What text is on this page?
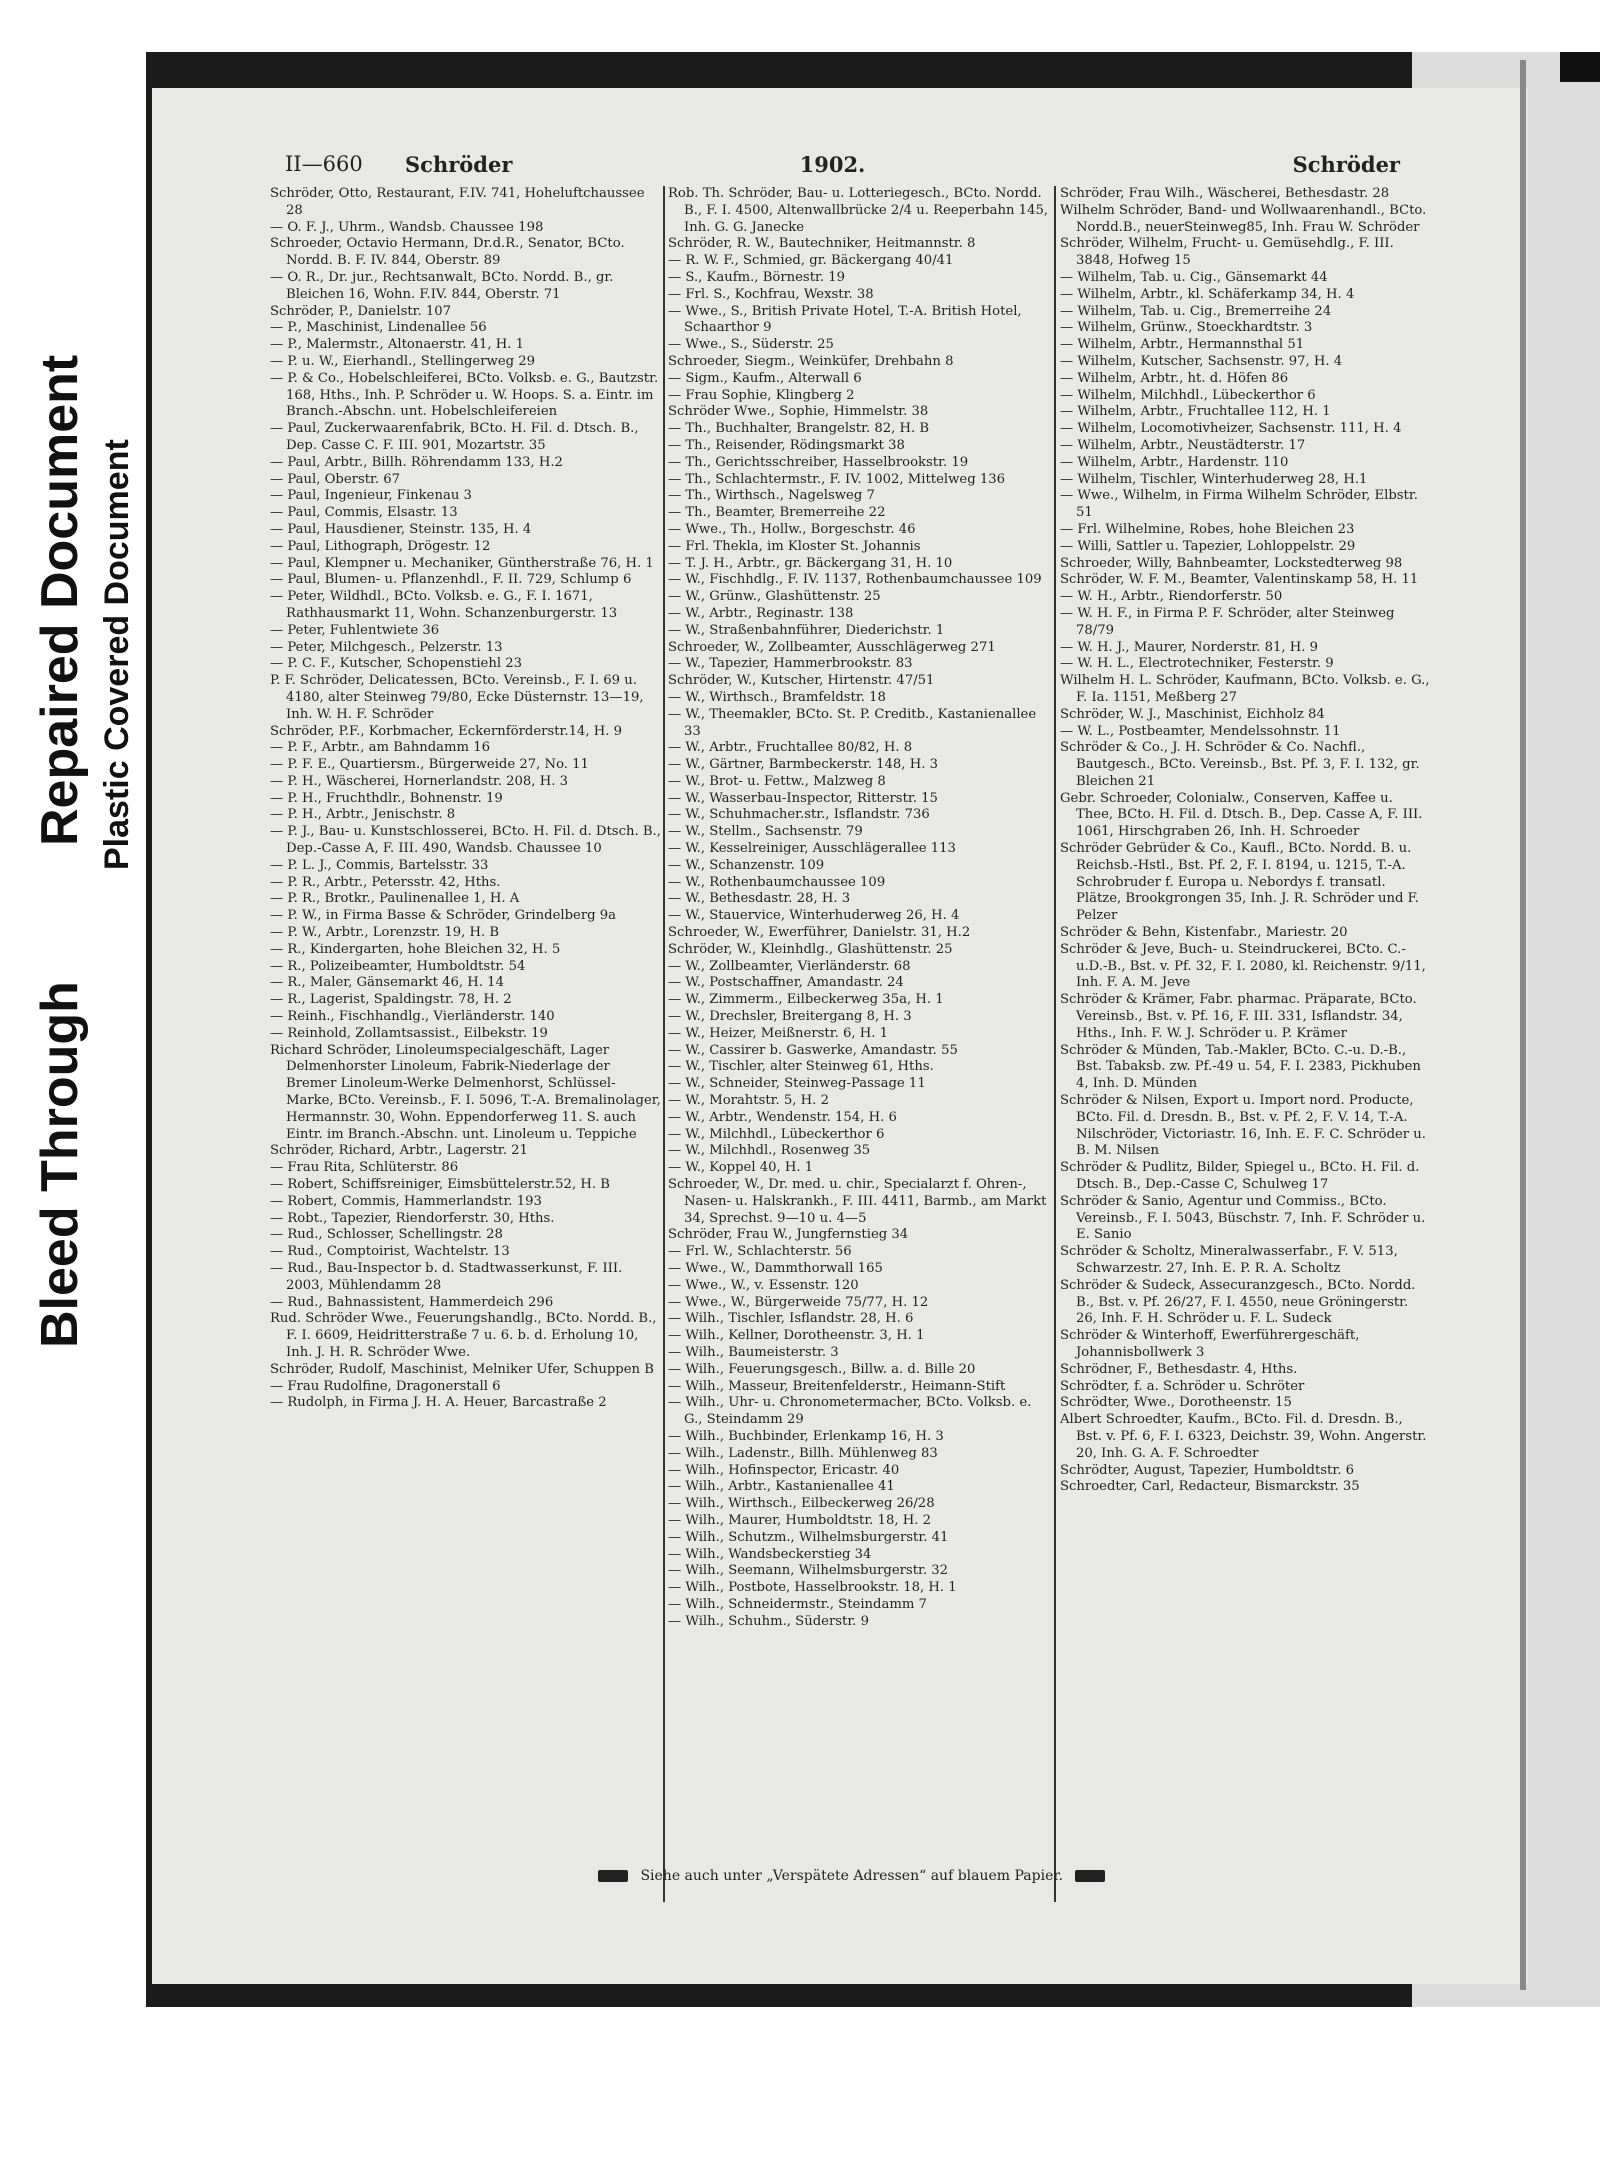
Bleed Through
Repaired Document Plastic Covered Document
II—660 Schröder	1902.	Schröder

Schröder, Otto, Restaurant, F.IV. 741, Hoheluftchaussee 28

— O. F. J., Uhrm., Wandsb. Chaussee 198

Schroeder, Octavio Hermann, Dr.d.R., Senator, BCto. Nordd. B. F. IV. 844, Oberstr. 89

— O. R., Dr. jur., Rechtsanwalt, BCto. Nordd. B., gr. Bleichen 16, Wohn. F.IV. 844, Oberstr. 71

Schröder, P., Danielstr. 107

— P., Maschinist, Lindenallee 56

— P., Malermstr., Altonaerstr. 41, H. 1

— P. u. W., Eierhandl., Stellingerweg 29

— P. & Co., Hobelschleiferei, BCto. Volksb. e. G., Bautzstr. 168, Hths., Inh. P. Schröder u. W. Hoops. S. a. Eintr. im Branch.-Abschn. unt. Hobelschleifereien

— Paul, Zuckerwaarenfabrik, BCto. H. Fil. d. Dtsch. B., Dep. Casse C. F. III. 901, Mozartstr. 35

— Paul, Arbtr., Billh. Röhrendamm 133, H.2

— Paul, Oberstr. 67

— Paul, Ingenieur, Finkenau 3

— Paul, Commis, Elsastr. 13

— Paul, Hausdiener, Steinstr. 135, H. 4

— Paul, Lithograph, Drögestr. 12

— Paul, Klempner u. Mechaniker, Güntherstraße 76, H. 1

— Paul, Blumen- u. Pflanzenhdl., F. II. 729, Schlump 6

— Peter, Wildhdl., BCto. Volksb. e. G., F. I. 1671, Rathhausmarkt 11, Wohn. Schanzenburgerstr. 13

— Peter, Fuhlentwiete 36

— Peter, Milchgesch., Pelzerstr. 13

— P. C. F., Kutscher, Schopenstiehl 23

P. F. Schröder, Delicatessen, BCto. Vereinsb., F. I. 69 u. 4180, alter Steinweg 79/80, Ecke Düsternstr. 13—19, Inh. W. H. F. Schröder

Schröder, P.F., Korbmacher, Eckernförderstr.14, H. 9

— P. F., Arbtr., am Bahndamm 16

— P. F. E., Quartiersm., Bürgerweide 27, No. 11

— P. H., Wäscherei, Hornerlandstr. 208, H. 3

— P. H., Fruchthdlr., Bohnenstr. 19

— P. H., Arbtr., Jenischstr. 8

— P. J., Bau- u. Kunstschlosserei, BCto. H. Fil. d. Dtsch. B., Dep.-Casse A, F. III. 490, Wandsb. Chaussee 10

— P. L. J., Commis, Bartelsstr. 33

— P. R., Arbtr., Petersstr. 42, Hths.

— P. R., Brotkr., Paulinenallee 1, H. A

— P. W., in Firma Basse & Schröder, Grindelberg 9a

— P. W., Arbtr., Lorenzstr. 19, H. B

— R., Kindergarten, hohe Bleichen 32, H. 5

— R., Polizeibeamter, Humboldtstr. 54

— R., Maler, Gänsemarkt 46, H. 14

— R., Lagerist, Spaldingstr. 78, H. 2

— Reinh., Fischhandlg., Vierländerstr. 140

— Reinhold, Zollamtsassist., Eilbekstr. 19

Richard Schröder, Linoleumspecialgeschäft, Lager Delmenhorster Linoleum, Fabrik-Niederlage der Bremer Linoleum-Werke Delmenhorst, Schlüssel-Marke, BCto. Vereinsb., F. I. 5096, T.-A. Bremalinolager, Hermannstr. 30, Wohn. Eppendorferweg 11. S. auch Eintr. im Branch.-Abschn. unt. Linoleum u. Teppiche

Schröder, Richard, Arbtr., Lagerstr. 21

— Frau Rita, Schlüterstr. 86

— Robert, Schiffsreiniger, Eimsbüttelerstr.52, H. B

— Robert, Commis, Hammerlandstr. 193

— Robt., Tapezier, Riendorferstr. 30, Hths.

— Rud., Schlosser, Schellingstr. 28

— Rud., Comptoirist, Wachtelstr. 13

— Rud., Bau-Inspector b. d. Stadtwasserkunst, F. III. 2003, Mühlendamm 28

— Rud., Bahnassistent, Hammerdeich 296

Rud. Schröder Wwe., Feuerungshandlg., BCto. Nordd. B., F. I. 6609, Heidritterstraße 7 u. 6. b. d. Erholung 10, Inh. J. H. R. Schröder Wwe.

Schröder, Rudolf, Maschinist, Melniker Ufer, Schuppen B

— Frau Rudolfine, Dragonerstall 6

— Rudolph, in Firma J. H. A. Heuer, Barcastraße 2

Rob. Th. Schröder, Bau- u. Lotteriegesch., BCto. Nordd. B., F. I. 4500, Altenwallbrücke 2/4 u. Reeperbahn 145, Inh. G. G. Janecke

Schröder, R. W., Bautechniker, Heitmannstr. 8

— R. W. F., Schmied, gr. Bäckergang 40/41

— S., Kaufm., Börnestr. 19

— Frl. S., Kochfrau, Wexstr. 38

— Wwe., S., British Private Hotel, T.-A. British Hotel, Schaarthor 9

— Wwe., S., Süderstr. 25

Schroeder, Siegm., Weinküfer, Drehbahn 8

— Sigm., Kaufm., Alterwall 6

— Frau Sophie, Klingberg 2

Schröder Wwe., Sophie, Himmelstr. 38

— Th., Buchhalter, Brangelstr. 82, H. B

— Th., Reisender, Rödingsmarkt 38

— Th., Gerichtsschreiber, Hasselbrookstr. 19

— Th., Schlachtermstr., F. IV. 1002, Mittelweg 136

— Th., Wirthsch., Nagelsweg 7

— Th., Beamter, Bremerreihe 22

— Wwe., Th., Hollw., Borgeschstr. 46

— Frl. Thekla, im Kloster St. Johannis

— T. J. H., Arbtr., gr. Bäckergang 31, H. 10

— W., Fischhdlg., F. IV. 1137, Rothenbaumchaussee 109

— W., Grünw., Glashüttenstr. 25

— W., Arbtr., Reginastr. 138

— W., Straßenbahnführer, Diederichstr. 1

Schroeder, W., Zollbeamter, Ausschlägerweg 271

— W., Tapezier, Hammerbrookstr. 83

Schröder, W., Kutscher, Hirtenstr. 47/51

— W., Wirthsch., Bramfeldstr. 18

— W., Theemakler, BCto. St. P. Creditb., Kastanienallee 33

— W., Arbtr., Fruchtallee 80/82, H. 8

— W., Gärtner, Barmbeckerstr. 148, H. 3

— W., Brot- u. Fettw., Malzweg 8

— W., Wasserbau-Inspector, Ritterstr. 15

— W., Schuhmacher.str., Isflandstr. 736

— W., Stellm., Sachsenstr. 79

— W., Kesselreiniger, Ausschlägerallee 113

— W., Schanzenstr. 109

— W., Rothenbaumchaussee 109

— W., Bethesdastr. 28, H. 3

— W., Stauervice, Winterhuderweg 26, H. 4

Schroeder, W., Ewerführer, Danielstr. 31, H.2

Schröder, W., Kleinhdlg., Glashüttenstr. 25

— W., Zollbeamter, Vierländerstr. 68

— W., Postschaffner, Amandastr. 24

— W., Zimmerm., Eilbeckerweg 35a, H. 1

— W., Drechsler, Breitergang 8, H. 3

— W., Heizer, Meißnerstr. 6, H. 1

— W., Cassirer b. Gaswerke, Amandastr. 55

— W., Tischler, alter Steinweg 61, Hths.

— W., Schneider, Steinweg-Passage 11

— W., Morahtstr. 5, H. 2

— W., Arbtr., Wendenstr. 154, H. 6

— W., Milchhdl., Lübeckerthor 6

— W., Milchhdl., Rosenweg 35

— W., Koppel 40, H. 1

Schroeder, W., Dr. med. u. chir., Specialarzt f. Ohren-, Nasen- u. Halskrankh., F. III. 4411, Barmb., am Markt 34, Sprechst. 9—10 u. 4—5

Schröder, Frau W., Jungfernstieg 34

— Frl. W., Schlachterstr. 56

— Wwe., W., Dammthorwall 165

— Wwe., W., v. Essenstr. 120

— Wwe., W., Bürgerweide 75/77, H. 12

— Wilh., Tischler, Isflandstr. 28, H. 6

— Wilh., Kellner, Dorotheenstr. 3, H. 1

— Wilh., Baumeisterstr. 3

— Wilh., Feuerungsgesch., Billw. a. d. Bille 20

— Wilh., Masseur, Breitenfelderstr., Heimann-Stift

— Wilh., Uhr- u. Chronometermacher, BCto. Volksb. e. G., Steindamm 29

— Wilh., Buchbinder, Erlenkamp 16, H. 3

— Wilh., Ladenstr., Billh. Mühlenweg 83

— Wilh., Hofinspector, Ericastr. 40

— Wilh., Arbtr., Kastanienallee 41

— Wilh., Wirthsch., Eilbeckerweg 26/28

— Wilh., Maurer, Humboldtstr. 18, H. 2

— Wilh., Schutzm., Wilhelmsburgerstr. 41

— Wilh., Wandsbeckerstieg 34

— Wilh., Seemann, Wilhelmsburgerstr. 32

— Wilh., Postbote, Hasselbrookstr. 18, H. 1

— Wilh., Schneidermstr., Steindamm 7

— Wilh., Schuhm., Süderstr. 9

Schröder, Frau Wilh., Wäscherei, Bethesdastr. 28

Wilhelm Schröder, Band- und Wollwaarenhandl., BCto. Nordd.B., neuerSteinweg85, Inh. Frau W. Schröder

Schröder, Wilhelm, Frucht- u. Gemüsehdlg., F. III. 3848, Hofweg 15

— Wilhelm, Tab. u. Cig., Gänsemarkt 44

— Wilhelm, Arbtr., kl. Schäferkamp 34, H. 4

— Wilhelm, Tab. u. Cig., Bremerreihe 24

— Wilhelm, Grünw., Stoeckhardtstr. 3

— Wilhelm, Arbtr., Hermannsthal 51

— Wilhelm, Kutscher, Sachsenstr. 97, H. 4

— Wilhelm, Arbtr., ht. d. Höfen 86

— Wilhelm, Milchhdl., Lübeckerthor 6

— Wilhelm, Arbtr., Fruchtallee 112, H. 1

— Wilhelm, Locomotivheizer, Sachsenstr. 111, H. 4

— Wilhelm, Arbtr., Neustädterstr. 17

— Wilhelm, Arbtr., Hardenstr. 110

— Wilhelm, Tischler, Winterhuderweg 28, H.1

— Wwe., Wilhelm, in Firma Wilhelm Schröder, Elbstr. 51

— Frl. Wilhelmine, Robes, hohe Bleichen 23

— Willi, Sattler u. Tapezier, Lohloppelstr. 29

Schroeder, Willy, Bahnbeamter, Lockstedterweg 98

Schröder, W. F. M., Beamter, Valentinskamp 58, H. 11

— W. H., Arbtr., Riendorferstr. 50

— W. H. F., in Firma P. F. Schröder, alter Steinweg 78/79

— W. H. J., Maurer, Norderstr. 81, H. 9

— W. H. L., Electrotechniker, Festerstr. 9

Wilhelm H. L. Schröder, Kaufmann, BCto. Volksb. e. G., F. Ia. 1151, Meßberg 27

Schröder, W. J., Maschinist, Eichholz 84

— W. L., Postbeamter, Mendelssohnstr. 11

Schröder & Co., J. H. Schröder & Co. Nachfl., Bautgesch., BCto. Vereinsb., Bst. Pf. 3, F. I. 132, gr. Bleichen 21

Gebr. Schroeder, Colonialw., Conserven, Kaffee u. Thee, BCto. H. Fil. d. Dtsch. B., Dep. Casse A, F. III. 1061, Hirschgraben 26, Inh. H. Schroeder

Schröder Gebrüder & Co., Kaufl., BCto. Nordd. B. u. Reichsb.-Hstl., Bst. Pf. 2, F. I. 8194, u. 1215, T.-A. Schrobruder f. Europa u. Nebordys f. transatl. Plätze, Brookgrongen 35, Inh. J. R. Schröder und F. Pelzer

Schröder & Behn, Kistenfabr., Mariestr. 20

Schröder & Jeve, Buch- u. Steindruckerei, BCto. C.-u.D.-B., Bst. v. Pf. 32, F. I. 2080, kl. Reichenstr. 9/11, Inh. F. A. M. Jeve

Schröder & Krämer, Fabr. pharmac. Präparate, BCto. Vereinsb., Bst. v. Pf. 16, F. III. 331, Isflandstr. 34, Hths., Inh. F. W. J. Schröder u. P. Krämer

Schröder & Münden, Tab.-Makler, BCto. C.-u. D.-B., Bst. Tabaksb. zw. Pf.-49 u. 54, F. I. 2383, Pickhuben 4, Inh. D. Münden

Schröder & Nilsen, Export u. Import nord. Producte, BCto. Fil. d. Dresdn. B., Bst. v. Pf. 2, F. V. 14, T.-A. Nilschröder, Victoriastr. 16, Inh. E. F. C. Schröder u. B. M. Nilsen

Schröder & Pudlitz, Bilder, Spiegel u., BCto. H. Fil. d. Dtsch. B., Dep.-Casse C, Schulweg 17

Schröder & Sanio, Agentur und Commiss., BCto. Vereinsb., F. I. 5043, Büschstr. 7, Inh. F. Schröder u. E. Sanio

Schröder & Scholtz, Mineralwasserfabr., F. V. 513, Schwarzestr. 27, Inh. E. P. R. A. Scholtz

Schröder & Sudeck, Assecuranzgesch., BCto. Nordd. B., Bst. v. Pf. 26/27, F. I. 4550, neue Gröningerstr. 26, Inh. F. H. Schröder u. F. L. Sudeck

Schröder & Winterhoff, Ewerführergeschäft, Johannisbollwerk 3

Schrödner, F., Bethesdastr. 4, Hths.

Schrödter, f. a. Schröder u. Schröter

Schrödter, Wwe., Dorotheenstr. 15

Albert Schroedter, Kaufm., BCto. Fil. d. Dresdn. B., Bst. v. Pf. 6, F. I. 6323, Deichstr. 39, Wohn. Angerstr. 20, Inh. G. A. F. Schroedter

Schrödter, August, Tapezier, Humboldtstr. 6

Schroedter, Carl, Redacteur, Bismarckstr. 35

Siehe auch unter „Verspätete Adressen“ auf blauem Papier.
